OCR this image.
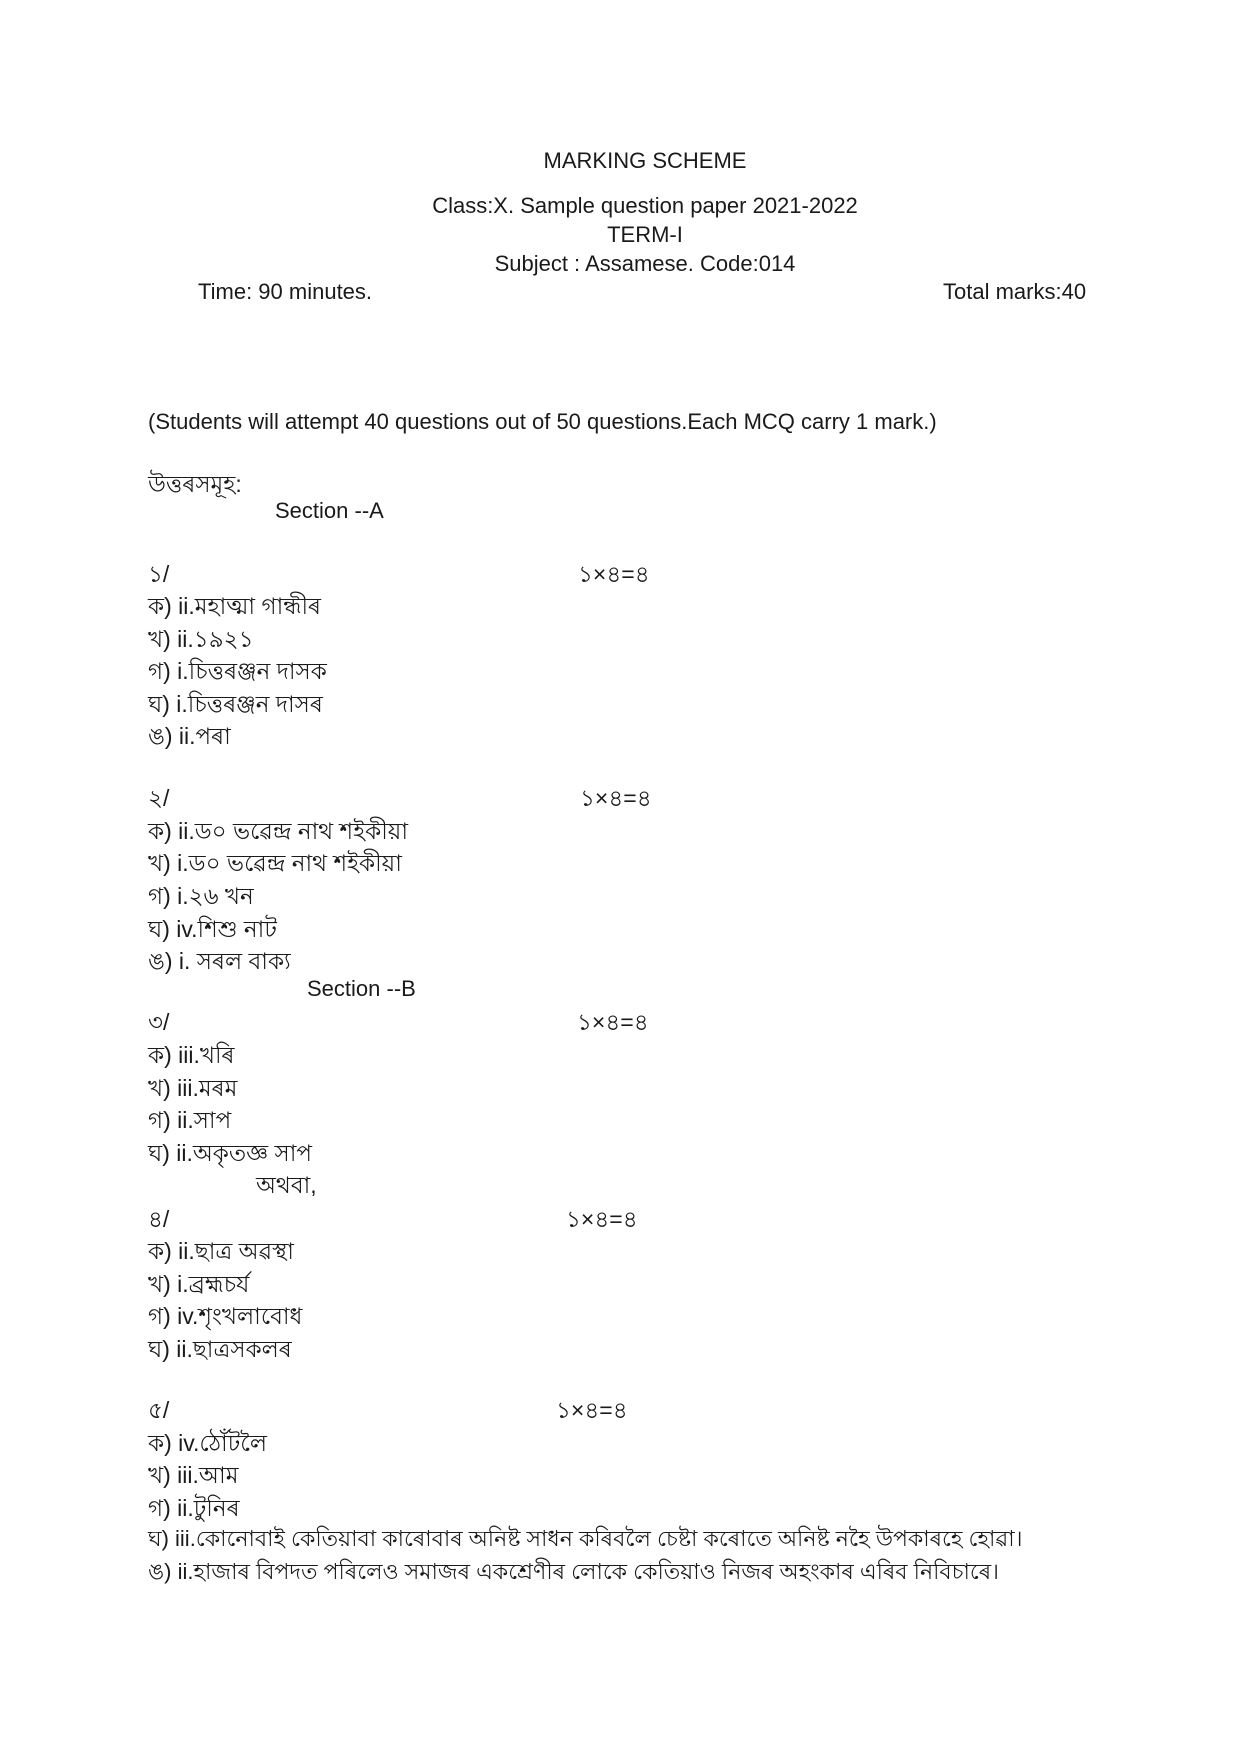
MARKING SCHEME
Class:X. Sample question paper 2021-2022
TERM-I
Subject : Assamese. Code:014
Time: 90 minutes.	Total marks:40
(Students will attempt 40 questions out of 50 questions.Each MCQ carry 1 mark.)
উত্তৰসমূহ:
Section --A
১/	১×৪=৪
ক) ii.মহাত্মা গান্ধীৰ
খ) ii.১৯২১
গ) i.চিত্তৰঞ্জন দাসক
ঘ) i.চিত্তৰঞ্জন দাসৰ
ঙ) ii.পৰা
২/	১×৪=৪
ক) ii.ড০ ভৱেন্দ্র নাথ শইকীয়া
খ) i.ড০ ভৱেন্দ্র নাথ শইকীয়া
গ) i.২৬ খন
ঘ) iv.শিশু নাট
ঙ) i. সৰল বাক্য
Section --B
৩/	১×৪=৪
ক) iii.খৰি
খ) iii.মৰম
গ) ii.সাপ
ঘ) ii.অকৃতজ্ঞ সাপ
অথবা,
৪/	১×৪=৪
ক) ii.ছাত্র অৱস্থা
খ) i.ব্রহ্মচৰ্য
গ) iv.শৃংখলাবোধ
ঘ) ii.ছাত্রসকলৰ
৫/	১×৪=৪
ক) iv.ঠোঁটলৈ
খ) iii.আম
গ) ii.টুনিৰ
ঘ) iii.কোনোবাই কেতিয়াবা কাৰোবাৰ অনিষ্ট সাধন কৰিবলৈ চেষ্টা কৰোতে অনিষ্ট নহৈ উপকাৰহে হোৱা।
ঙ) ii.হাজাৰ বিপদত পৰিলেও সমাজৰ একশ্রেণীৰ লোকে কেতিয়াও নিজৰ অহংকাৰ এৰিব নিবিচাৰে।
